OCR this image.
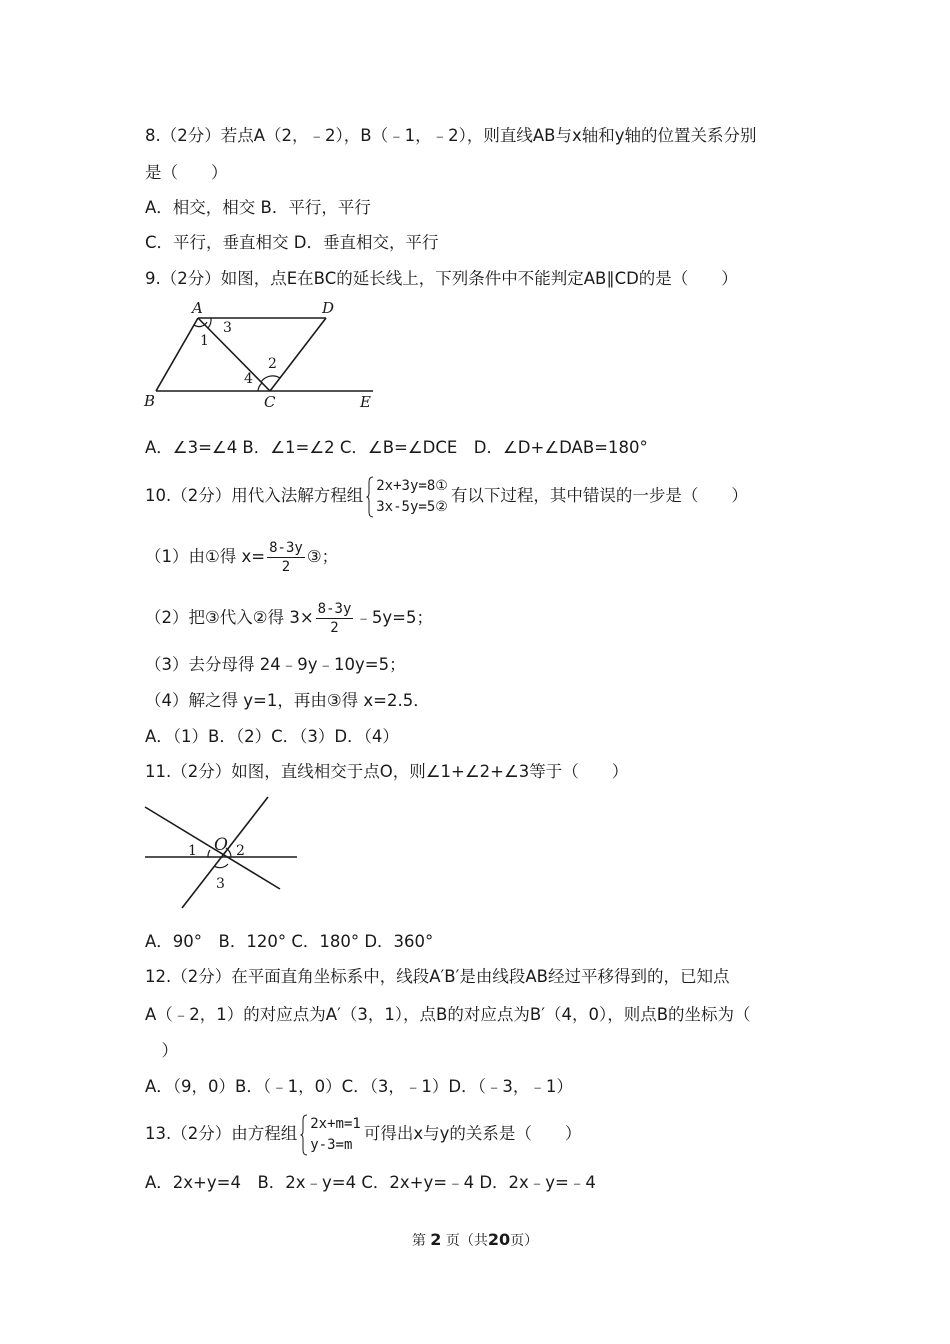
8.（2分）若点A（2，﹣2），B（﹣1，﹣2），则直线AB与x轴和y轴的位置关系分别
是（　　）
A．相交，相交 B．平行，平行
C．平行，垂直相交 D．垂直相交，平行
9.（2分）如图，点E在BC的延长线上，下列条件中不能判定AB∥CD的是（　　）
A	D
B	C	E
1
3
2
4
A．∠3=∠4 B．∠1=∠2 C．∠B=∠DCE　D．∠D+∠DAB=180°
10.（2分）用代入法解方程组
2x+3y=8①
3x-5y=5②
有以下过程，其中错误的一步是（　　）
（1）由①得 $x= \frac{8-3y}{2}$ ③；
（2）把③代入②得 $3\times \frac{8-3y}{2}$ ﹣5y=5；
（3）去分母得 24﹣9y﹣10y=5；
（4）解之得 y=1，再由③得 x=2.5．
A．（1）B．（2）C．（3）D．（4）
11.（2分）如图，直线相交于点O，则∠1+∠2+∠3等于（　　）
O
1	2
3
A．90°　B．120° C．180° D．360°
12.（2分）在平面直角坐标系中，线段A′B′是由线段AB经过平移得到的，已知点
A（﹣2，1）的对应点为A′（3，1），点B的对应点为B′（4，0），则点B的坐标为（
　）
A．（9，0）B．（﹣1，0）C．（3，﹣1）D．（﹣3，﹣1）
13.（2分）由方程组
2x+m=1
y-3=m
可得出x与y的关系是（　　）
A．2x+y=4　B．2x﹣y=4 C．2x+y=﹣4 D．2x﹣y=﹣4
第 2 页（共20页）
